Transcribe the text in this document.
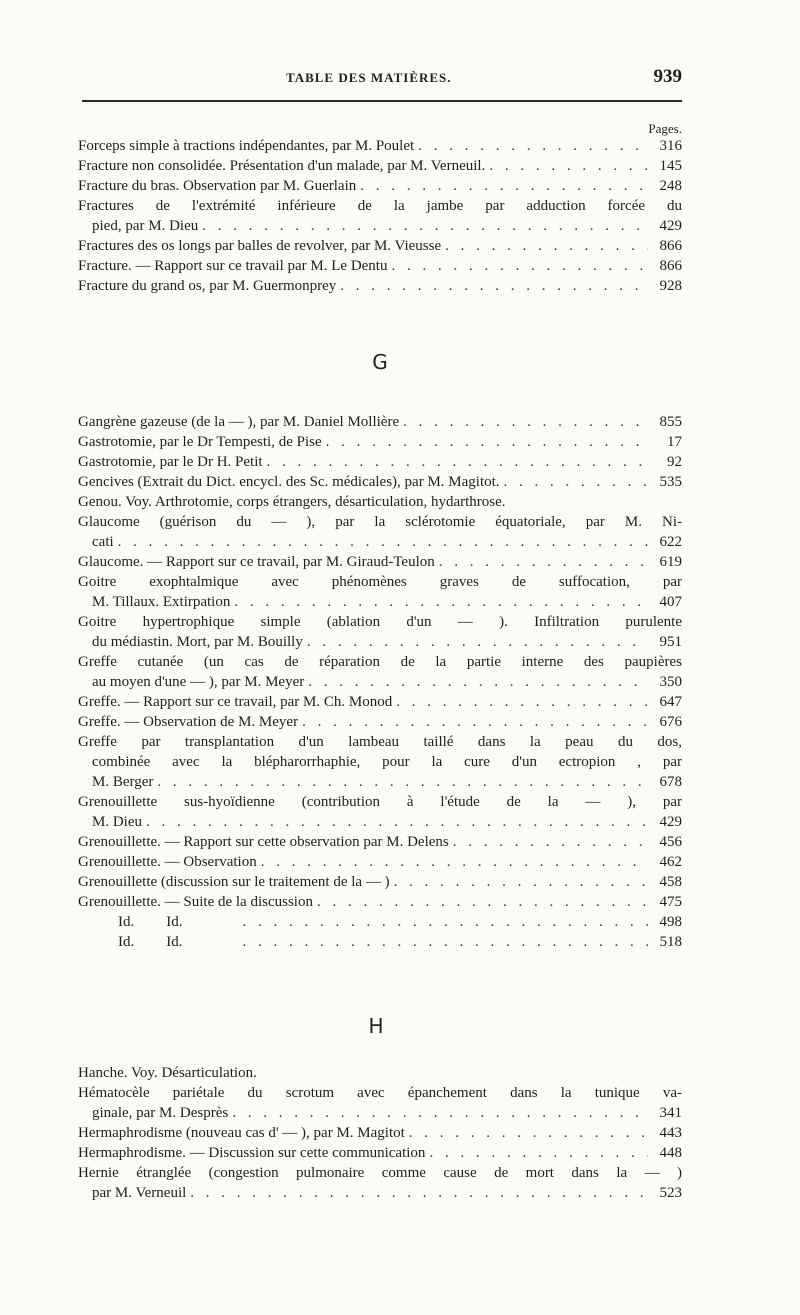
TABLE DES MATIÈRES.	939
Pages.
Forceps simple à tractions indépendantes, par M. Poulet . . .	316
Fracture non consolidée. Présentation d'un malade, par M. Verneuil. . . .	145
Fracture du bras. Observation par M. Guerlain . . .	248
Fractures de l'extrémité inférieure de la jambe par adduction forcée du
pied, par M. Dieu . . .	429
Fractures des os longs par balles de revolver, par M. Vieusse . . .	866
Fracture. — Rapport sur ce travail par M. Le Dentu . . .	866
Fracture du grand os, par M. Guermonprey . . .	928
G
Gangrène gazeuse (de la — ), par M. Daniel Mollière . . .	855
Gastrotomie, par le Dr Tempesti, de Pise . . .	17
Gastrotomie, par le Dr H. Petit . . .	92
Gencives (Extrait du Dict. encycl. des Sc. médicales), par M. Magitot. . . .	535
Genou. Voy. Arthrotomie, corps étrangers, désarticulation, hydarthrose.
Glaucome (guérison du — ), par la sclérotomie équatoriale, par M. Ni-
cati . . .	622
Glaucome. — Rapport sur ce travail, par M. Giraud-Teulon . . .	619
Goitre exophtalmique avec phénomènes graves de suffocation, par
M. Tillaux. Extirpation . . .	407
Goitre hypertrophique simple (ablation d'un — ). Infiltration purulente
du médiastin. Mort, par M. Bouilly . . .	951
Greffe cutanée (un cas de réparation de la partie interne des paupières
au moyen d'une — ), par M. Meyer . . .	350
Greffe. — Rapport sur ce travail, par M. Ch. Monod . . .	647
Greffe. — Observation de M. Meyer . . .	676
Greffe par transplantation d'un lambeau taillé dans la peau du dos,
combinée avec la blépharorrhaphie, pour la cure d'un ectropion , par
M. Berger . . .	678
Grenouillette sus-hyoïdienne (contribution à l'étude de la — ), par
M. Dieu . . .	429
Grenouillette. — Rapport sur cette observation par M. Delens . . .	456
Grenouillette. — Observation . . .	462
Grenouillette (discussion sur le traitement de la — ) . . .	458
Grenouillette. — Suite de la discussion . . .	475
Id. Id. . . .	498
Id. Id. . . .	518
H
Hanche. Voy. Désarticulation.
Hématocèle pariétale du scrotum avec épanchement dans la tunique va-
ginale, par M. Desprès . . .	341
Hermaphrodisme (nouveau cas d' — ), par M. Magitot . . .	443
Hermaphrodisme. — Discussion sur cette communication . . .	448
Hernie étranglée (congestion pulmonaire comme cause de mort dans la — )
par M. Verneuil . . .	523
